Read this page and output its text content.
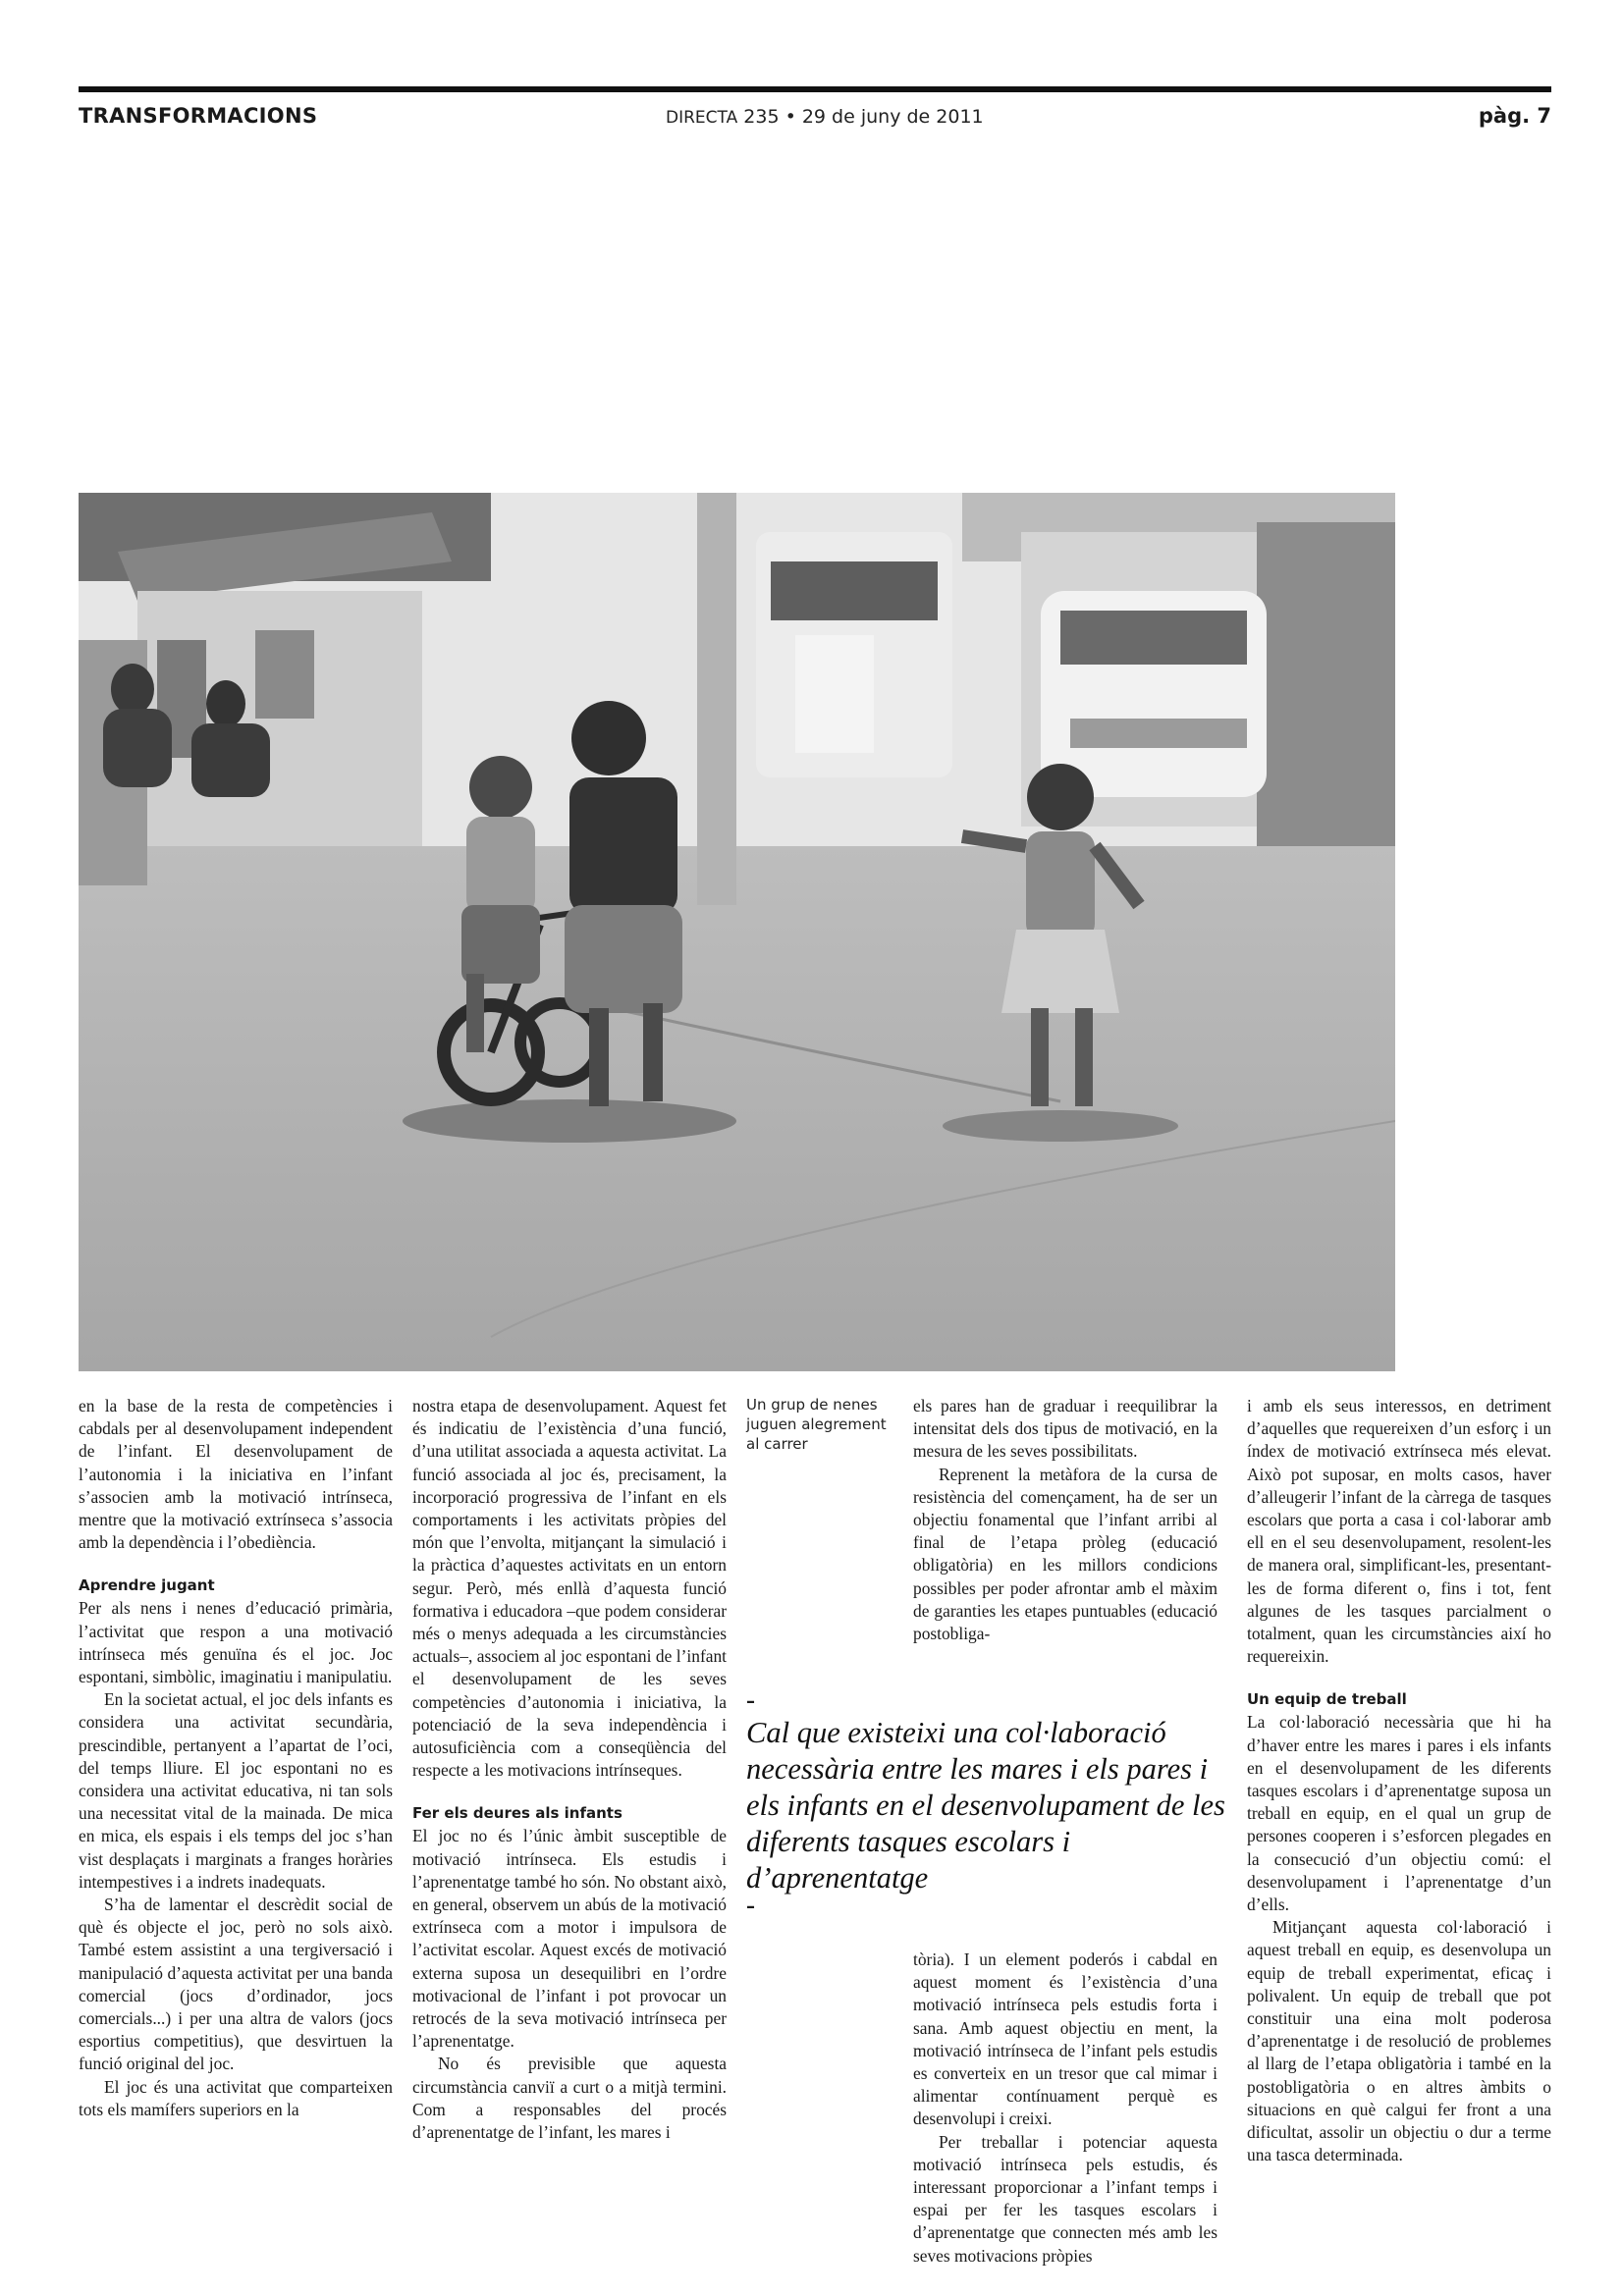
TRANSFORMACIONS	DIRECTA 235 • 29 de juny de 2011	pàg. 7

en la base de la resta de competències i cabdals per al desenvolupament independent de l’infant. El desenvolupament de l’autonomia i la iniciativa en l’infant s’associen amb la motivació intrínseca, mentre que la motivació extrínseca s’associa amb la dependència i l’obediència.

Aprendre jugant

Per als nens i nenes d’educació primària, l’activitat que respon a una motivació intrínseca més genuïna és el joc. Joc espontani, simbòlic, imaginatiu i manipulatiu.

En la societat actual, el joc dels infants es considera una activitat secundària, prescindible, pertanyent a l’apartat de l’oci, del temps lliure. El joc espontani no es considera una activitat educativa, ni tan sols una necessitat vital de la mainada. De mica en mica, els espais i els temps del joc s’han vist desplaçats i marginats a franges horàries intempestives i a indrets inadequats.

S’ha de lamentar el descrèdit social de què és objecte el joc, però no sols això. També estem assistint a una tergiversació i manipulació d’aquesta activitat per una banda comercial (jocs d’ordinador, jocs comercials...) i per una altra de valors (jocs esportius competitius), que desvirtuen la funció original del joc.

El joc és una activitat que comparteixen tots els mamífers superiors en la

nostra etapa de desenvolupament. Aquest fet és indicatiu de l’existència d’una funció, d’una utilitat associada a aquesta activitat. La funció associada al joc és, precisament, la incorporació progressiva de l’infant en els comportaments i les activitats pròpies del món que l’envolta, mitjançant la simulació i la pràctica d’aquestes activitats en un entorn segur. Però, més enllà d’aquesta funció formativa i educadora –que podem considerar més o menys adequada a les circumstàncies actuals–, associem al joc espontani de l’infant el desenvolupament de les seves competències d’autonomia i iniciativa, la potenciació de la seva independència i autosuficiència com a conseqüència del respecte a les motivacions intrínseques.

Fer els deures als infants

El joc no és l’únic àmbit susceptible de motivació intrínseca. Els estudis i l’aprenentatge també ho són. No obstant això, en general, observem un abús de la motivació extrínseca com a motor i impulsora de l’activitat escolar. Aquest excés de motivació externa suposa un desequilibri en l’ordre motivacional de l’infant i pot provocar un retrocés de la seva motivació intrínseca per l’aprenentatge.

No és previsible que aquesta circumstància canviï a curt o a mitjà termini. Com a responsables del procés d’aprenentatge de l’infant, les mares i

Un grup de nenes juguen alegrement al carrer

els pares han de graduar i reequilibrar la intensitat dels dos tipus de motivació, en la mesura de les seves possibilitats.

Reprenent la metàfora de la cursa de resistència del començament, ha de ser un objectiu fonamental que l’infant arribi al final de l’etapa pròleg (educació obligatòria) en les millors condicions possibles per poder afrontar amb el màxim de garanties les etapes puntuables (educació postobliga-

–
Cal que existeixi una col·laboració necessària entre les mares i els pares i els infants en el desenvolupament de les diferents tasques escolars i d’aprenentatge
–

tòria). I un element poderós i cabdal en aquest moment és l’existència d’una motivació intrínseca pels estudis forta i sana. Amb aquest objectiu en ment, la motivació intrínseca de l’infant pels estudis es converteix en un tresor que cal mimar i alimentar contínuament perquè es desenvolupi i creixi.

Per treballar i potenciar aquesta motivació intrínseca pels estudis, és interessant proporcionar a l’infant temps i espai per fer les tasques escolars i d’aprenentatge que connecten més amb les seves motivacions pròpies

i amb els seus interessos, en detriment d’aquelles que requereixen d’un esforç i un índex de motivació extrínseca més elevat. Això pot suposar, en molts casos, haver d’alleugerir l’infant de la càrrega de tasques escolars que porta a casa i col·laborar amb ell en el seu desenvolupament, resolent-les de manera oral, simplificant-les, presentant-les de forma diferent o, fins i tot, fent algunes de les tasques parcialment o totalment, quan les circumstàncies així ho requereixin.

Un equip de treball

La col·laboració necessària que hi ha d’haver entre les mares i pares i els infants en el desenvolupament de les diferents tasques escolars i d’aprenentatge suposa un treball en equip, en el qual un grup de persones cooperen i s’esforcen plegades en la consecució d’un objectiu comú: el desenvolupament i l’aprenentatge d’un d’ells.

Mitjançant aquesta col·laboració i aquest treball en equip, es desenvolupa un equip de treball experimentat, eficaç i polivalent. Un equip de treball que pot constituir una eina molt poderosa d’aprenentatge i de resolució de problemes al llarg de l’etapa obligatòria i també en la postobligatòria o en altres àmbits o situacions en què calgui fer front a una dificultat, assolir un objectiu o dur a terme una tasca determinada.
